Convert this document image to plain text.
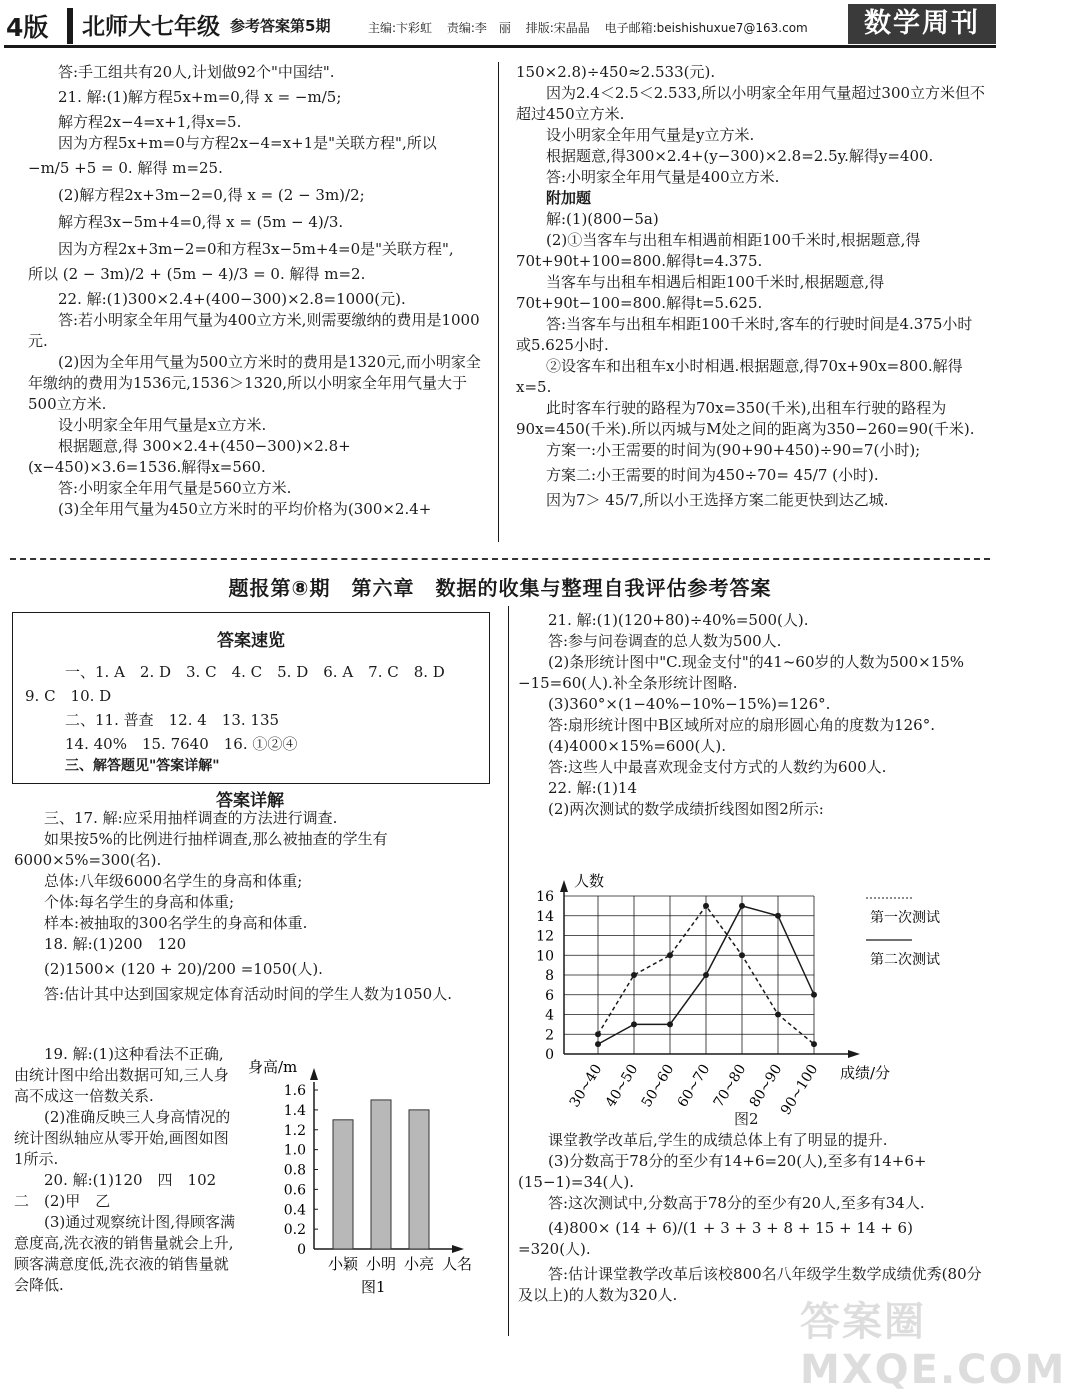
4版 北师大七年级 参考答案第5期	主编:卞彩虹 责编:李　丽 排版:宋晶晶 电子邮箱:beishishuxue7@163.com	数学周刊

答:手工组共有20人,计划做92个"中国结".

21. 解:(1)解方程5x+m=0,得 x = −m/5;

解方程2x−4=x+1,得x=5.

因为方程5x+m=0与方程2x−4=x+1是"关联方程",所以

−m/5 +5 = 0. 解得 m=25.

(2)解方程2x+3m−2=0,得 x = (2 − 3m)/2;

解方程3x−5m+4=0,得 x = (5m − 4)/3.

因为方程2x+3m−2=0和方程3x−5m+4=0是"关联方程",

所以 (2 − 3m)/2 + (5m − 4)/3 = 0. 解得 m=2.

22. 解:(1)300×2.4+(400−300)×2.8=1000(元).

答:若小明家全年用气量为400立方米,则需要缴纳的费用是1000元.

(2)因为全年用气量为500立方米时的费用是1320元,而小明家全年缴纳的费用为1536元,1536＞1320,所以小明家全年用气量大于500立方米.

设小明家全年用气量是x立方米.

根据题意,得 300×2.4+(450−300)×2.8+(x−450)×3.6=1536.解得x=560.

答:小明家全年用气量是560立方米.

(3)全年用气量为450立方米时的平均价格为(300×2.4+

150×2.8)÷450≈2.533(元).

因为2.4＜2.5＜2.533,所以小明家全年用气量超过300立方米但不超过450立方米.

设小明家全年用气量是y立方米.

根据题意,得300×2.4+(y−300)×2.8=2.5y.解得y=400.

答:小明家全年用气量是400立方米.

附加题

解:(1)(800−5a)

(2)①当客车与出租车相遇前相距100千米时,根据题意,得70t+90t+100=800.解得t=4.375.

当客车与出租车相遇后相距100千米时,根据题意,得70t+90t−100=800.解得t=5.625.

答:当客车与出租车相距100千米时,客车的行驶时间是4.375小时或5.625小时.

②设客车和出租车x小时相遇.根据题意,得70x+90x=800.解得x=5.

此时客车行驶的路程为70x=350(千米),出租车行驶的路程为90x=450(千米).所以丙城与M处之间的距离为350−260=90(千米).

方案一:小王需要的时间为(90+90+450)÷90=7(小时);

方案二:小王需要的时间为450÷70= 45/7 (小时).

因为7＞ 45/7,所以小王选择方案二能更快到达乙城.

题报第⑧期　第六章　数据的收集与整理自我评估参考答案
答案速览
一、1. A　2. D　3. C　4. C　5. D　6. A　7. C　8. D
9. C　10. D
二、11. 普查　12. 4　13. 135
14. 40%　15. 7640　16. ①②④
三、解答题见"答案详解"
答案详解

三、17. 解:应采用抽样调查的方法进行调查.

如果按5%的比例进行抽样调查,那么被抽查的学生有6000×5%=300(名).

总体:八年级6000名学生的身高和体重;

个体:每名学生的身高和体重;

样本:被抽取的300名学生的身高和体重.

18. 解:(1)200　120

(2)1500× (120 + 20)/200 =1050(人).

答:估计其中达到国家规定体育活动时间的学生人数为1050人.

19. 解:(1)这种看法不正确,由统计图中给出数据可知,三人身高不成这一倍数关系.

(2)准确反映三人身高情况的统计图纵轴应从零开始,画图如图1所示.

20. 解:(1)120　四　102　二　(2)甲　乙

(3)通过观察统计图,得顾客满意度高,洗衣液的销售量就会上升,顾客满意度低,洗衣液的销售量就会降低.

身高/m
人名
图1
0
0.2
0.4
0.6
0.8
1.0
1.2
1.4
1.6
小颖 小明 小亮

21. 解:(1)(120+80)÷40%=500(人).

答:参与问卷调查的总人数为500人.

(2)条形统计图中"C.现金支付"的41~60岁的人数为500×15%−15=60(人).补全条形统计图略.

(3)360°×(1−40%−10%−15%)=126°.

答:扇形统计图中B区域所对应的扇形圆心角的度数为126°.

(4)4000×15%=600(人).

答:这些人中最喜欢现金支付方式的人数约为600人.

22. 解:(1)14

(2)两次测试的数学成绩折线图如图2所示:

人数
成绩/分
第一次测试
第二次测试
0
2
4
6
8
10
12
14
16
30~40
40~50
50~60
60~70
70~80
80~90
90~100
图2

课堂教学改革后,学生的成绩总体上有了明显的提升.

(3)分数高于78分的至少有14+6=20(人),至多有14+6+(15−1)=34(人).

答:这次测试中,分数高于78分的至少有20人,至多有34人.

(4)800× (14 + 6)/(1 + 3 + 3 + 8 + 15 + 14 + 6) =320(人).

答:估计课堂教学改革后该校800名八年级学生数学成绩优秀(80分及以上)的人数为320人.

答案圈 MXQE.COM
